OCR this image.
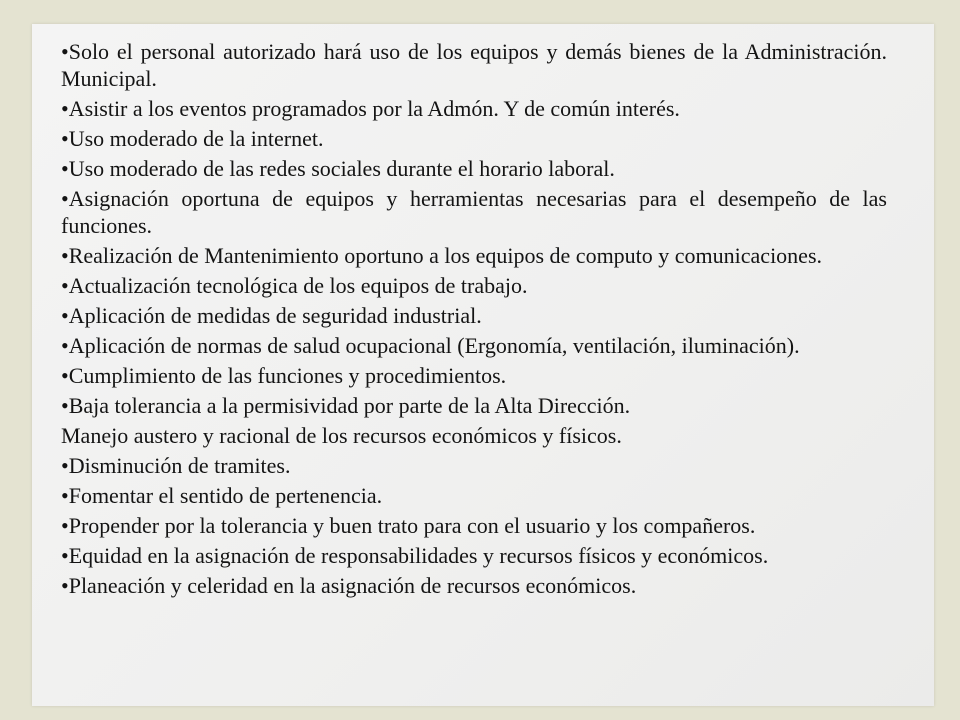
•Solo el personal autorizado hará uso de los equipos y demás bienes de la Administración. Municipal.
•Asistir a los eventos programados por la Admón. Y de común interés.
•Uso moderado de la internet.
•Uso moderado de las redes sociales durante el horario laboral.
•Asignación oportuna de equipos y herramientas necesarias para el desempeño de las funciones.
•Realización de Mantenimiento oportuno a los equipos de computo y comunicaciones.
•Actualización tecnológica de los equipos de trabajo.
•Aplicación de medidas de seguridad industrial.
•Aplicación de normas de salud ocupacional (Ergonomía, ventilación, iluminación).
•Cumplimiento de las funciones y procedimientos.
•Baja tolerancia a la permisividad por parte de la Alta Dirección.
Manejo austero y racional de los recursos económicos y físicos.
•Disminución de tramites.
•Fomentar el sentido de pertenencia.
•Propender por la tolerancia y buen trato para con el usuario y los compañeros.
•Equidad en la asignación de responsabilidades y recursos físicos y económicos.
•Planeación y celeridad en la asignación de recursos económicos.
